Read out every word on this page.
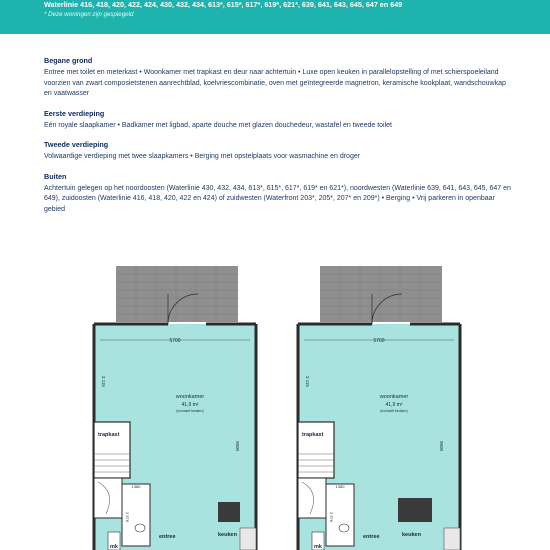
Waterlinie 416, 418, 420, 422, 424, 430, 432, 434, 613*, 615*, 617*, 619*, 621*, 639, 641, 643, 645, 647 en 649
* Deze woningen zijn gespiegeld
Begane grond

Entree met toilet en meterkast • Woonkamer met trapkast en deur naar achtertuin • Luxe open keuken in parallelopstelling of met schierspoeleiland voorzien van zwart composietstenen aanrechtblad, koelvriescombinatie, oven met geïntegreerde magnetron, keramische kookplaat, wandschouwkap en vaatwasser

Eerste verdieping

Eén royale slaapkamer • Badkamer met ligbad, aparte douche met glazen douchedeur, wastafel en tweede toilet

Tweede verdieping

Volwaardige verdieping met twee slaapkamers • Berging met opstelplaats voor wasmachine en droger

Buiten

Achtertuin gelegen op het noordoosten (Waterlinie 430, 432, 434, 613*, 615*, 617*, 619* en 621*), noordwesten (Waterlinie 639, 641, 643, 645, 647 en 649), zuidoosten (Waterlinie 416, 418, 420, 422 en 424) of zuidwesten (Waterfront 203*, 205*, 207* en 209*) • Berging • Vrij parkeren in openbaar gebied

5700
3 115
9600
woonkamer
41,9 m²
(inclusief keuken)
trapkast
1380
2 576
mk
entree	keuken
5700
3 115
9600
woonkamer
41,9 m²
(inclusief keuken)
trapkast
1380
2 576
mk
entree	keuken
